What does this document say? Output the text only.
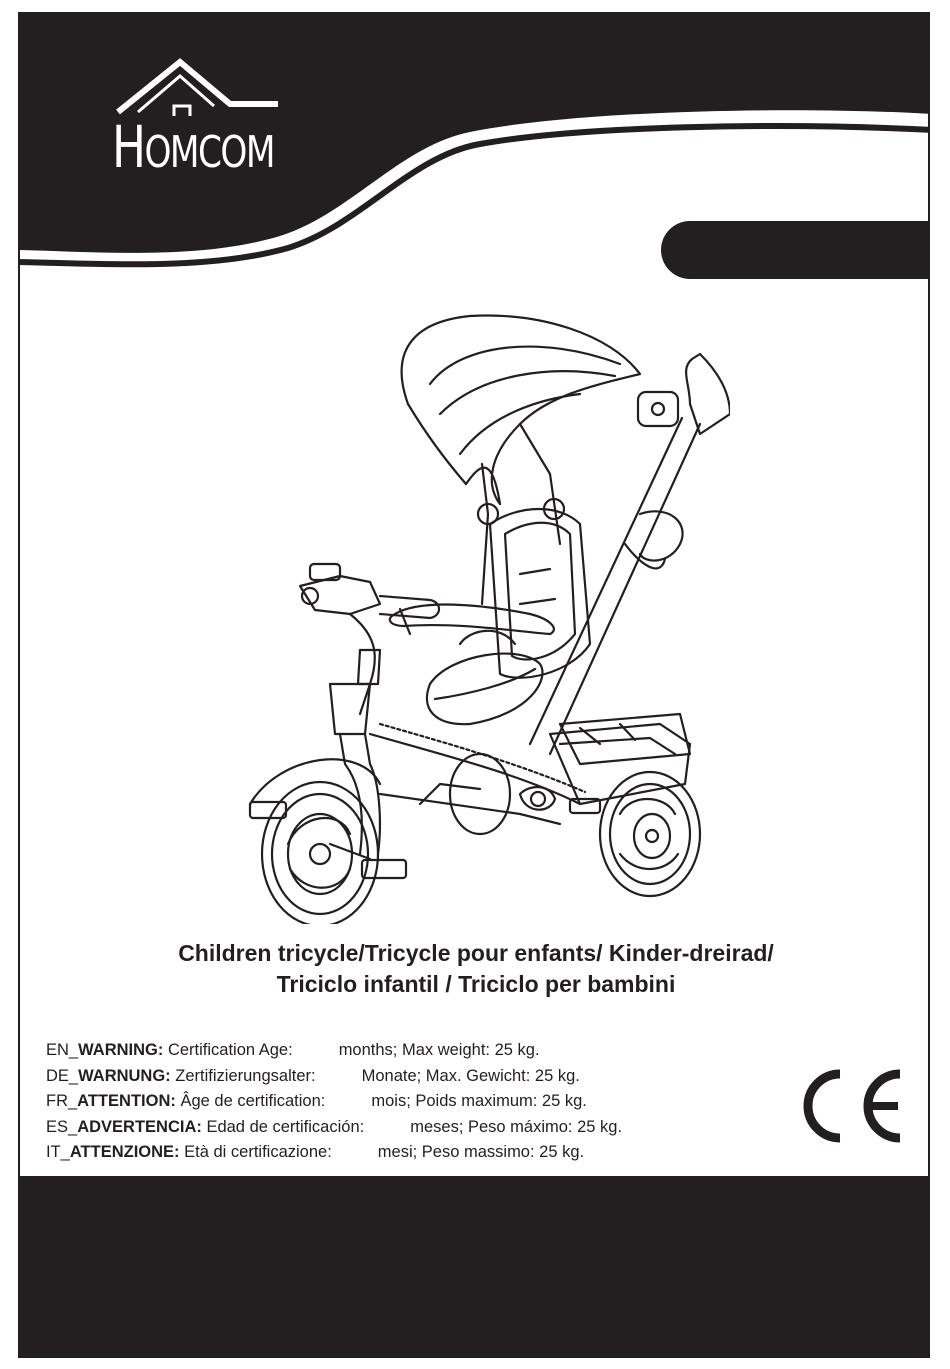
HOMCOM
Children tricycle/Tricycle pour enfants/ Kinder-dreirad/
Triciclo infantil / Triciclo per bambini
EN_WARNING: Certification Age:	months; Max weight: 25 kg.
DE_WARNUNG: Zertifizierungsalter:	Monate; Max. Gewicht: 25 kg.
FR_ATTENTION: Âge de certification:	mois; Poids maximum: 25 kg.
ES_ADVERTENCIA: Edad de certificación:	meses; Peso máximo: 25 kg.
IT_ATTENZIONE: Età di certificazione:	mesi; Peso massimo: 25 kg.
